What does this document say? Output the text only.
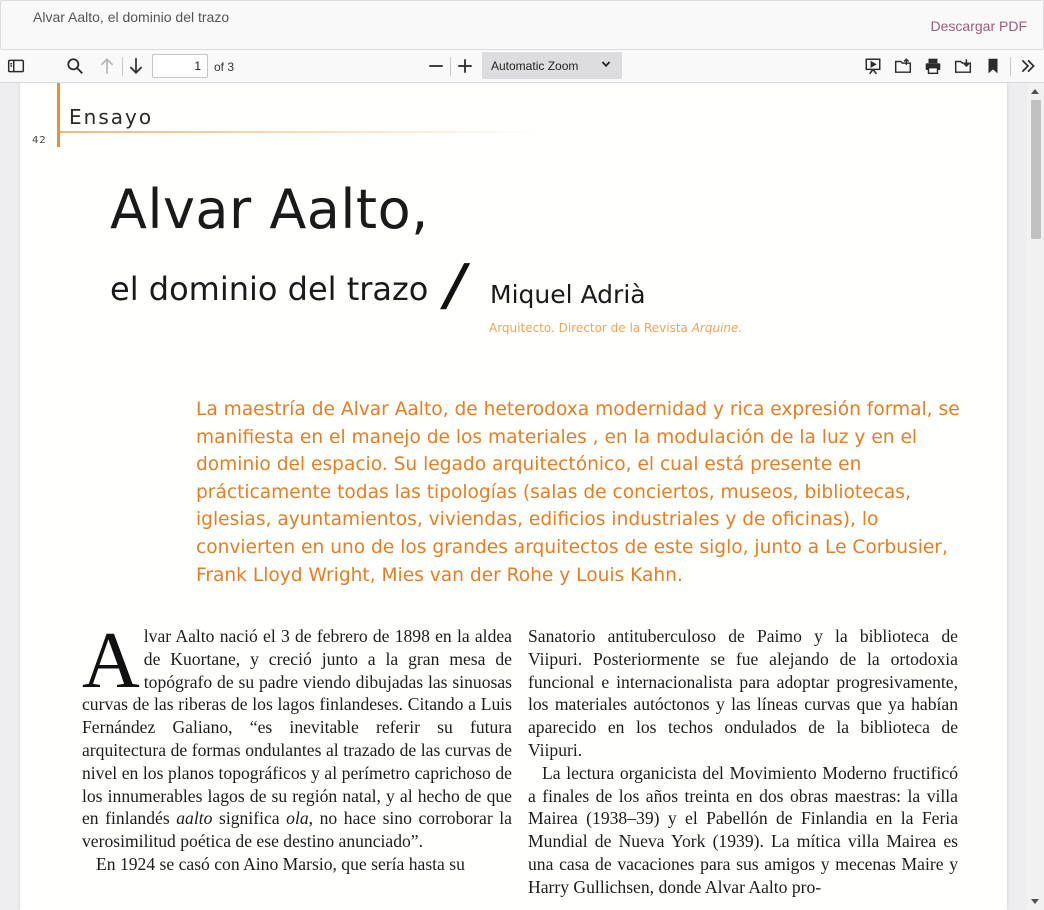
Alvar Aalto, el dominio del trazo
Descargar PDF
1
of 3	Automatic Zoom
Ensayo
42
Alvar Aalto,
el dominio del trazo / Miquel Adrià
Arquitecto. Director de la Revista Arquine.
La maestría de Alvar Aalto, de heterodoxa modernidad y rica expresión formal, se manifiesta en el manejo de los materiales , en la modulación de la luz y en el dominio del espacio. Su legado arquitectónico, el cual está presente en prácticamente todas las tipologías (salas de conciertos, museos, bibliotecas, iglesias, ayuntamientos, viviendas, edificios industriales y de oficinas), lo convierten en uno de los grandes arquitectos de este siglo, junto a Le Corbusier, Frank Lloyd Wright, Mies van der Rohe y Louis Kahn.

Alvar Aalto nació el 3 de febrero de 1898 en la aldea de Kuortane, y creció junto a la gran mesa de topógrafo de su padre viendo dibujadas las sinuosas curvas de las riberas de los lagos finlandeses. Citando a Luis Fernández Galiano, “es inevitable referir su futura arquitectura de formas ondulantes al trazado de las curvas de nivel en los planos topográficos y al perímetro caprichoso de los innumerables lagos de su región natal, y al hecho de que en finlandés aalto significa ola, no hace sino corroborar la verosimilitud poética de ese destino anunciado”.

En 1924 se casó con Aino Marsio, que sería hasta su

Sanatorio antituberculoso de Paimo y la biblioteca de Viipuri. Posteriormente se fue alejando de la ortodoxia funcional e internacionalista para adoptar progresivamente, los materiales autóctonos y las líneas curvas que ya habían aparecido en los techos ondulados de la biblioteca de Viipuri.

La lectura organicista del Movimiento Moderno fructificó a finales de los años treinta en dos obras maestras: la villa Mairea (1938–39) y el Pabellón de Finlandia en la Feria Mundial de Nueva York (1939). La mítica villa Mairea es una casa de vacaciones para sus amigos y mecenas Maire y Harry Gullichsen, donde Alvar Aalto pro-
